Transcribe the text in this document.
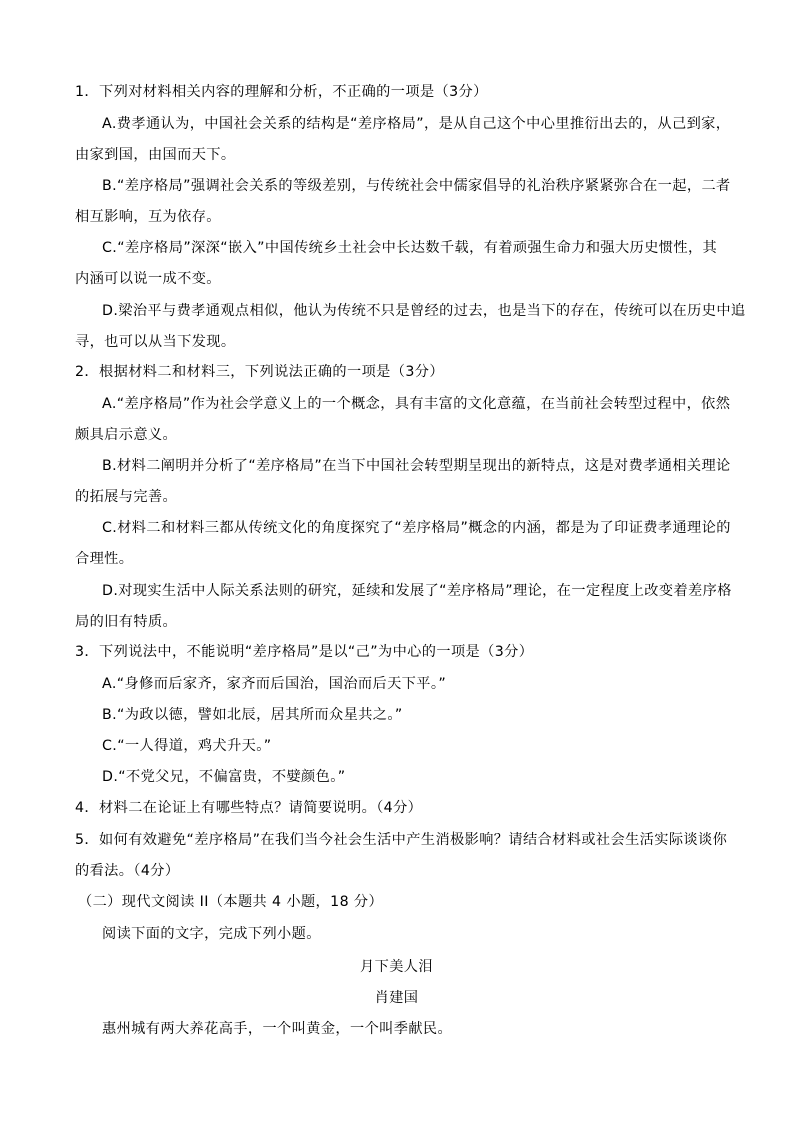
1．下列对材料相关内容的理解和分析，不正确的一项是（3分）
A.费孝通认为，中国社会关系的结构是“差序格局”，是从自己这个中心里推衍出去的，从己到家，
由家到国，由国而天下。
B.“差序格局”强调社会关系的等级差别，与传统社会中儒家倡导的礼治秩序紧紧弥合在一起，二者
相互影响，互为依存。
C.“差序格局”深深“嵌入”中国传统乡土社会中长达数千载，有着顽强生命力和强大历史惯性，其
内涵可以说一成不变。
D.梁治平与费孝通观点相似，他认为传统不只是曾经的过去，也是当下的存在，传统可以在历史中追
寻，也可以从当下发现。
2．根据材料二和材料三，下列说法正确的一项是（3分）
A.“差序格局”作为社会学意义上的一个概念，具有丰富的文化意蕴，在当前社会转型过程中，依然
颇具启示意义。
B.材料二阐明并分析了“差序格局”在当下中国社会转型期呈现出的新特点，这是对费孝通相关理论
的拓展与完善。
C.材料二和材料三都从传统文化的角度探究了“差序格局”概念的内涵，都是为了印证费孝通理论的
合理性。
D.对现实生活中人际关系法则的研究，延续和发展了“差序格局”理论，在一定程度上改变着差序格
局的旧有特质。
3．下列说法中，不能说明“差序格局”是以“己”为中心的一项是（3分）
A.“身修而后家齐，家齐而后国治，国治而后天下平。”
B.“为政以德，譬如北辰，居其所而众星共之。”
C.“一人得道，鸡犬升天。”
D.“不党父兄，不偏富贵，不嬖颜色。”
4．材料二在论证上有哪些特点？请简要说明。（4分）
5．如何有效避免“差序格局”在我们当今社会生活中产生消极影响？请结合材料或社会生活实际谈谈你
的看法。（4分）
（二）现代文阅读 II（本题共 4 小题，18 分）
阅读下面的文字，完成下列小题。
月下美人泪
肖建国
惠州城有两大养花高手，一个叫黄金，一个叫季献民。
